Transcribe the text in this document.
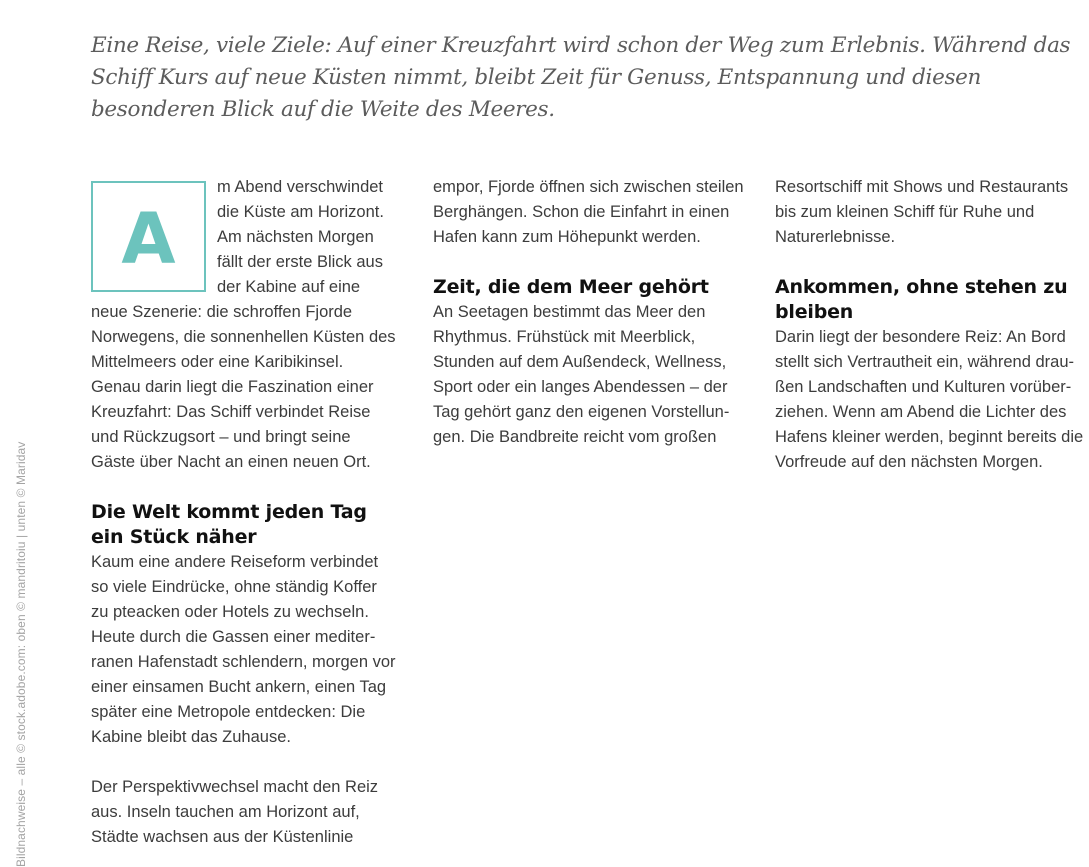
Bildnachweise – alle © stock.adobe.com: oben © mandritoiu | unten © Maridav

Eine Reise, viele Ziele: Auf einer Kreuzfahrt wird schon der Weg zum Erlebnis. Während das Schiff Kurs auf neue Küsten nimmt, bleibt Zeit für Genuss, Entspannung und diesen besonderen Blick auf die Weite des Meeres.

A

m Abend verschwindet die Küste am Horizont. Am nächsten Morgen fällt der erste Blick aus der Kabine auf eine neue Szenerie: die schroffen Fjorde Norwegens, die sonnenhellen Küsten des Mittelmeers oder eine Karibikinsel. Genau darin liegt die Faszination einer Kreuzfahrt: Das Schiff verbindet Reise und Rückzugsort – und bringt seine Gäste über Nacht an einen neuen Ort.

Die Welt kommt jeden Tag ein Stück näher

Kaum eine andere Reiseform verbindet so viele Eindrücke, ohne ständig Koffer zu pteacken oder Hotels zu wechseln. Heute durch die Gassen einer mediterranen Hafenstadt schlendern, morgen vor einer einsamen Bucht ankern, einen Tag später eine Metropole entdecken: Die Kabine bleibt das Zuhause.

Der Perspektivwechsel macht den Reiz aus. Inseln tauchen am Horizont auf, Städte wachsen aus der Küstenlinie

empor, Fjorde öffnen sich zwischen steilen Berghängen. Schon die Einfahrt in einen Hafen kann zum Höhepunkt werden.

Zeit, die dem Meer gehört

An Seetagen bestimmt das Meer den Rhythmus. Frühstück mit Meerblick, Stunden auf dem Außendeck, Wellness, Sport oder ein langes Abendessen – der Tag gehört ganz den eigenen Vorstellungen. Die Bandbreite reicht vom großen

Resortschiff mit Shows und Restaurants bis zum kleinen Schiff für Ruhe und Naturerlebnisse.

Ankommen, ohne stehen zu bleiben

Darin liegt der besondere Reiz: An Bord stellt sich Vertrautheit ein, während draußen Landschaften und Kulturen vorüberziehen. Wenn am Abend die Lichter des Hafens kleiner werden, beginnt bereits die Vorfreude auf den nächsten Morgen.
